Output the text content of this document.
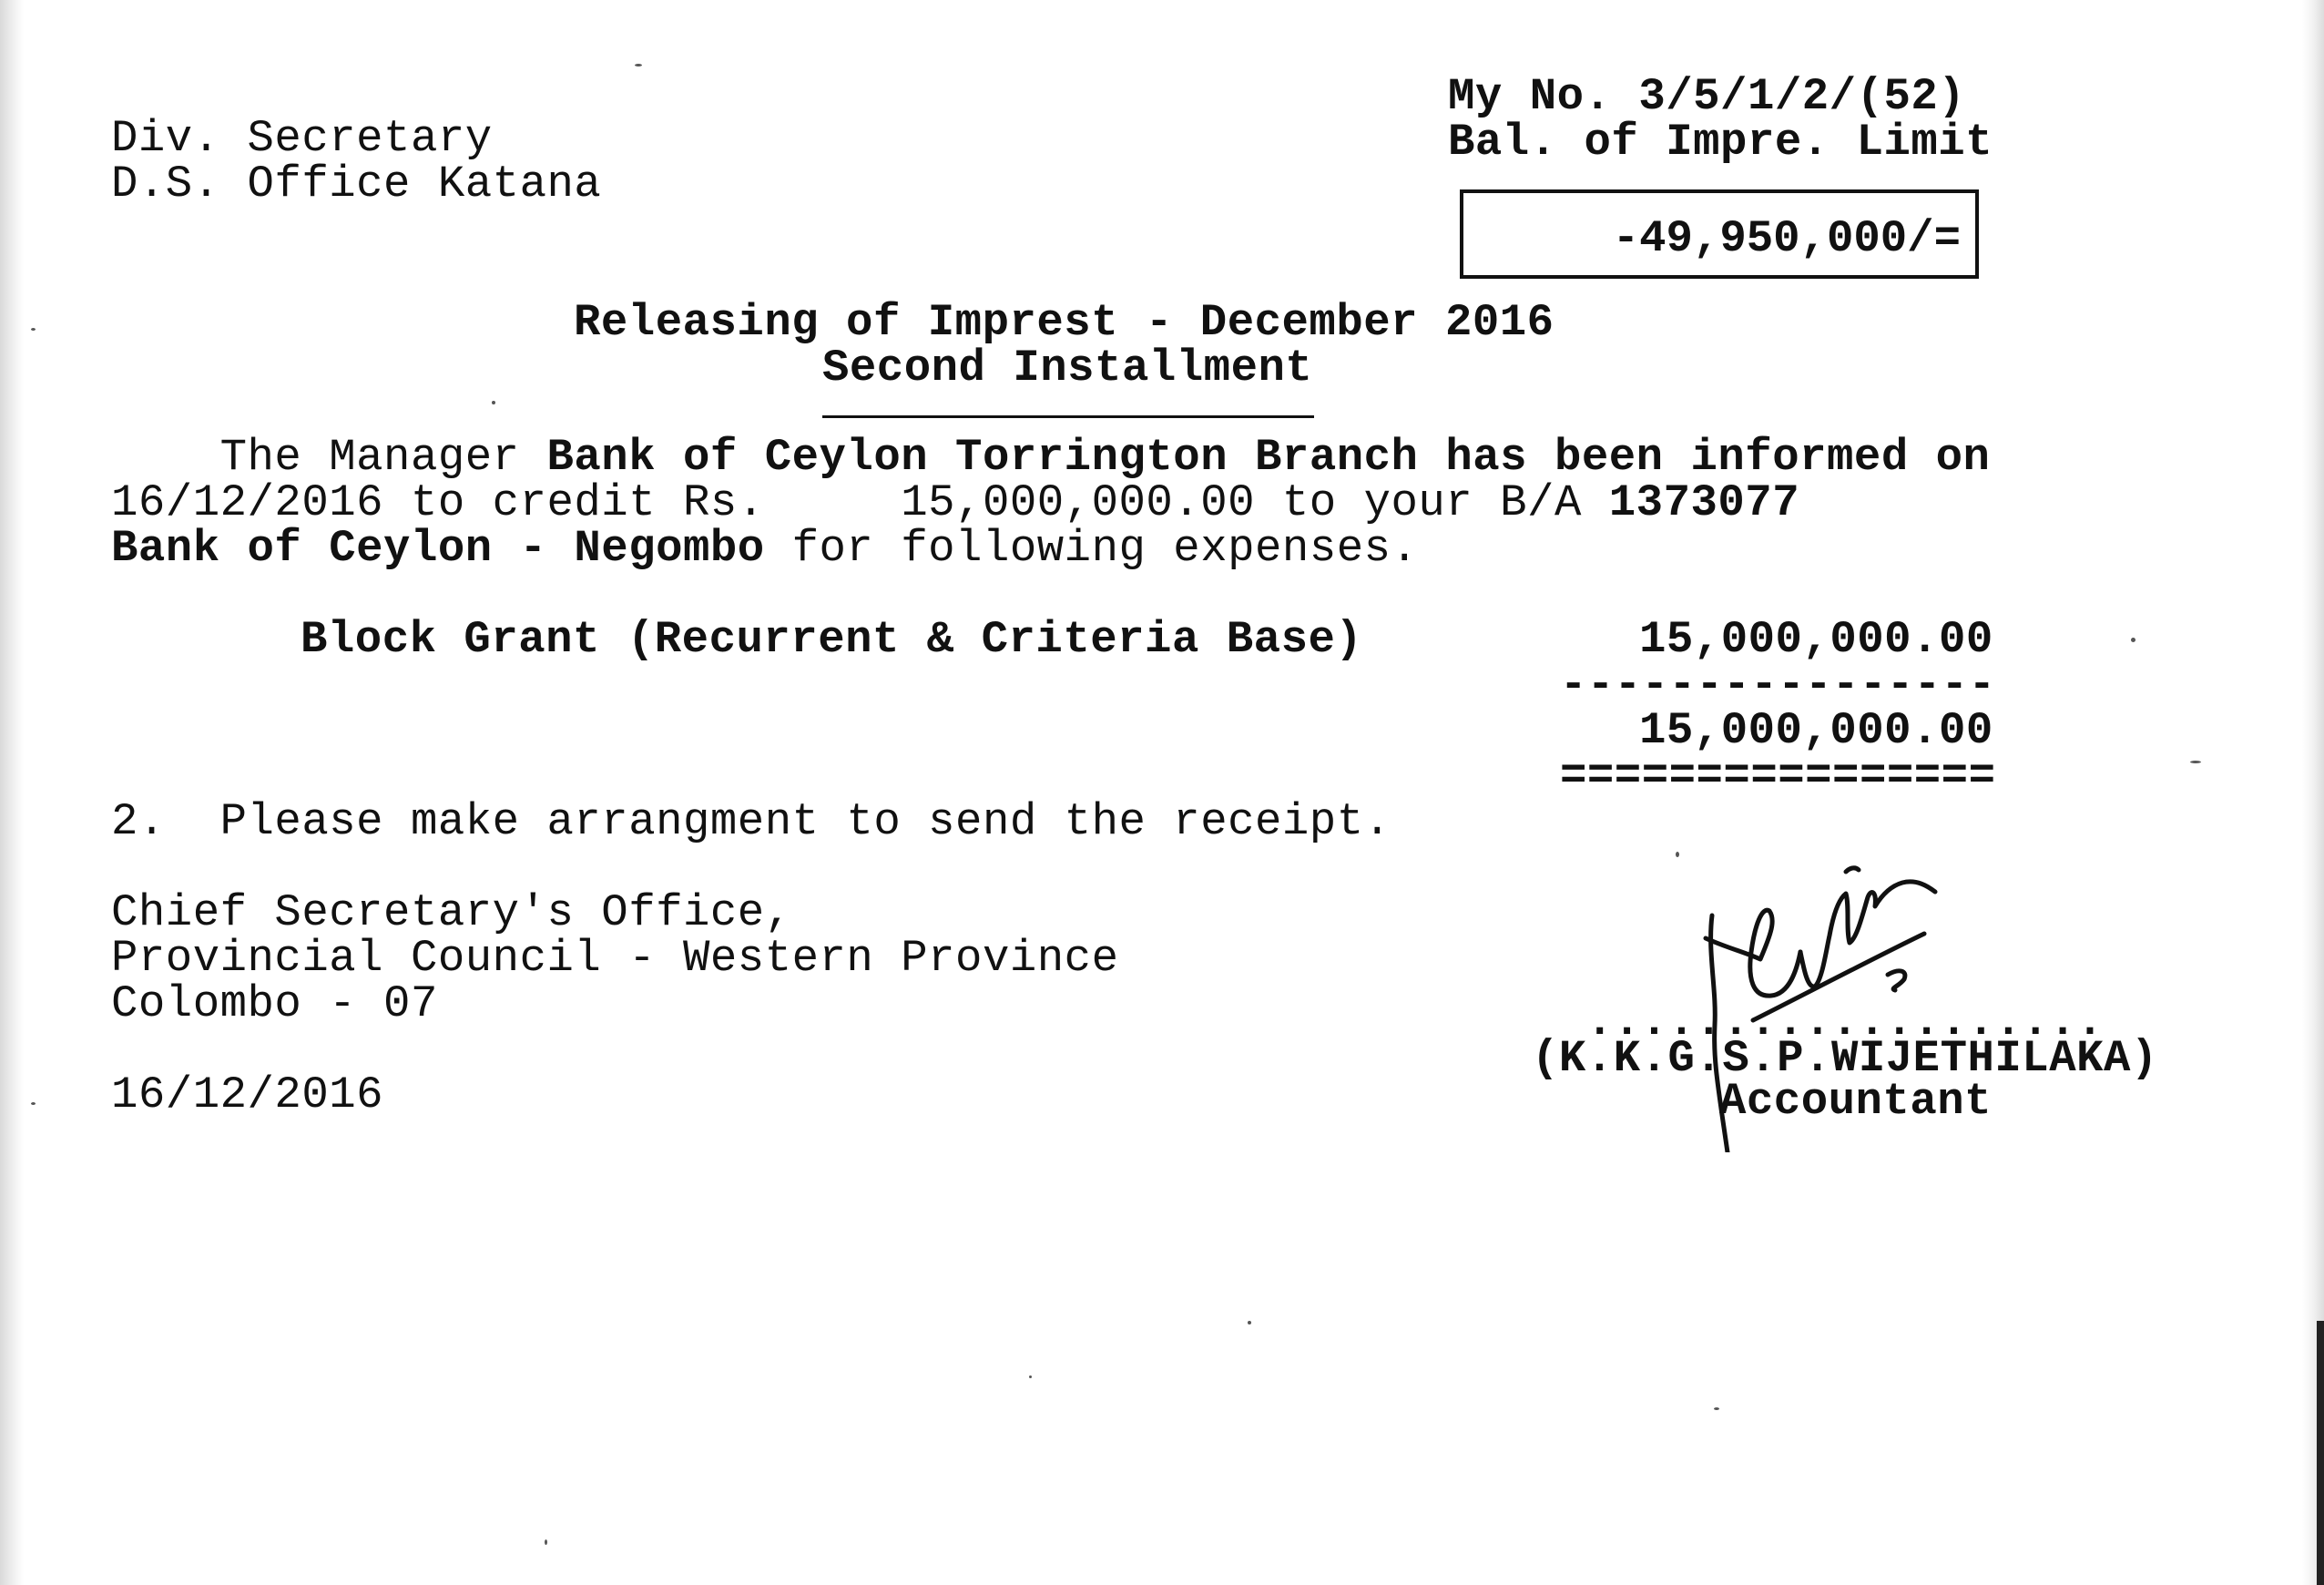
Div. Secretary
D.S. Office Katana
My No. 3/5/1/2/(52)
Bal. of Impre. Limit
-49,950,000/=
Releasing of Imprest - December 2016
Second Installment
The Manager Bank of Ceylon Torrington Branch has been informed on
16/12/2016 to credit Rs.     15,000,000.00 to your B/A 1373077
Bank of Ceylon - Negombo for following expenses.
Block Grant (Recurrent & Criteria Base)	15,000,000.00
----------------
15,000,000.00
================
2.  Please make arrangment to send the receipt.
Chief Secretary's Office,
Provincial Council - Western Province
Colombo - 07
16/12/2016
...................
(K.K.G.S.P.WIJETHILAKA)
Accountant
